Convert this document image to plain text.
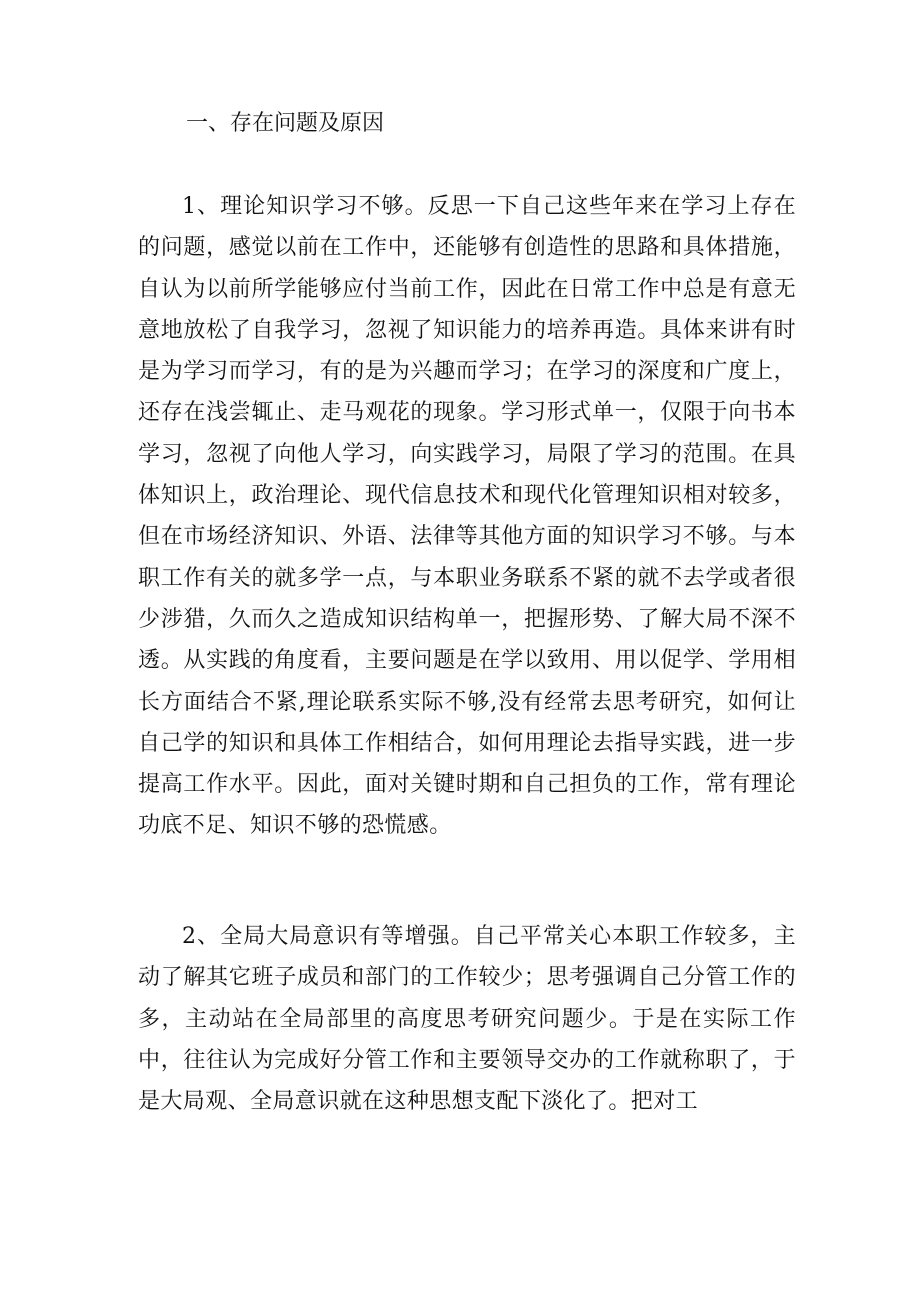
一、存在问题及原因

1、理论知识学习不够。反思一下自己这些年来在学习上存在的问题，感觉以前在工作中，还能够有创造性的思路和具体措施，自认为以前所学能够应付当前工作，因此在日常工作中总是有意无意地放松了自我学习，忽视了知识能力的培养再造。具体来讲有时是为学习而学习，有的是为兴趣而学习；在学习的深度和广度上，还存在浅尝辄止、走马观花的现象。学习形式单一，仅限于向书本学习，忽视了向他人学习，向实践学习，局限了学习的范围。在具体知识上，政治理论、现代信息技术和现代化管理知识相对较多，但在市场经济知识、外语、法律等其他方面的知识学习不够。与本职工作有关的就多学一点，与本职业务联系不紧的就不去学或者很少涉猎，久而久之造成知识结构单一，把握形势、了解大局不深不透。从实践的角度看，主要问题是在学以致用、用以促学、学用相长方面结合不紧,理论联系实际不够,没有经常去思考研究，如何让自己学的知识和具体工作相结合，如何用理论去指导实践，进一步提高工作水平。因此，面对关键时期和自己担负的工作，常有理论功底不足、知识不够的恐慌感。

2、全局大局意识有等增强。自己平常关心本职工作较多，主动了解其它班子成员和部门的工作较少；思考强调自己分管工作的多，主动站在全局部里的高度思考研究问题少。于是在实际工作中，往往认为完成好分管工作和主要领导交办的工作就称职了，于是大局观、全局意识就在这种思想支配下淡化了。把对工
